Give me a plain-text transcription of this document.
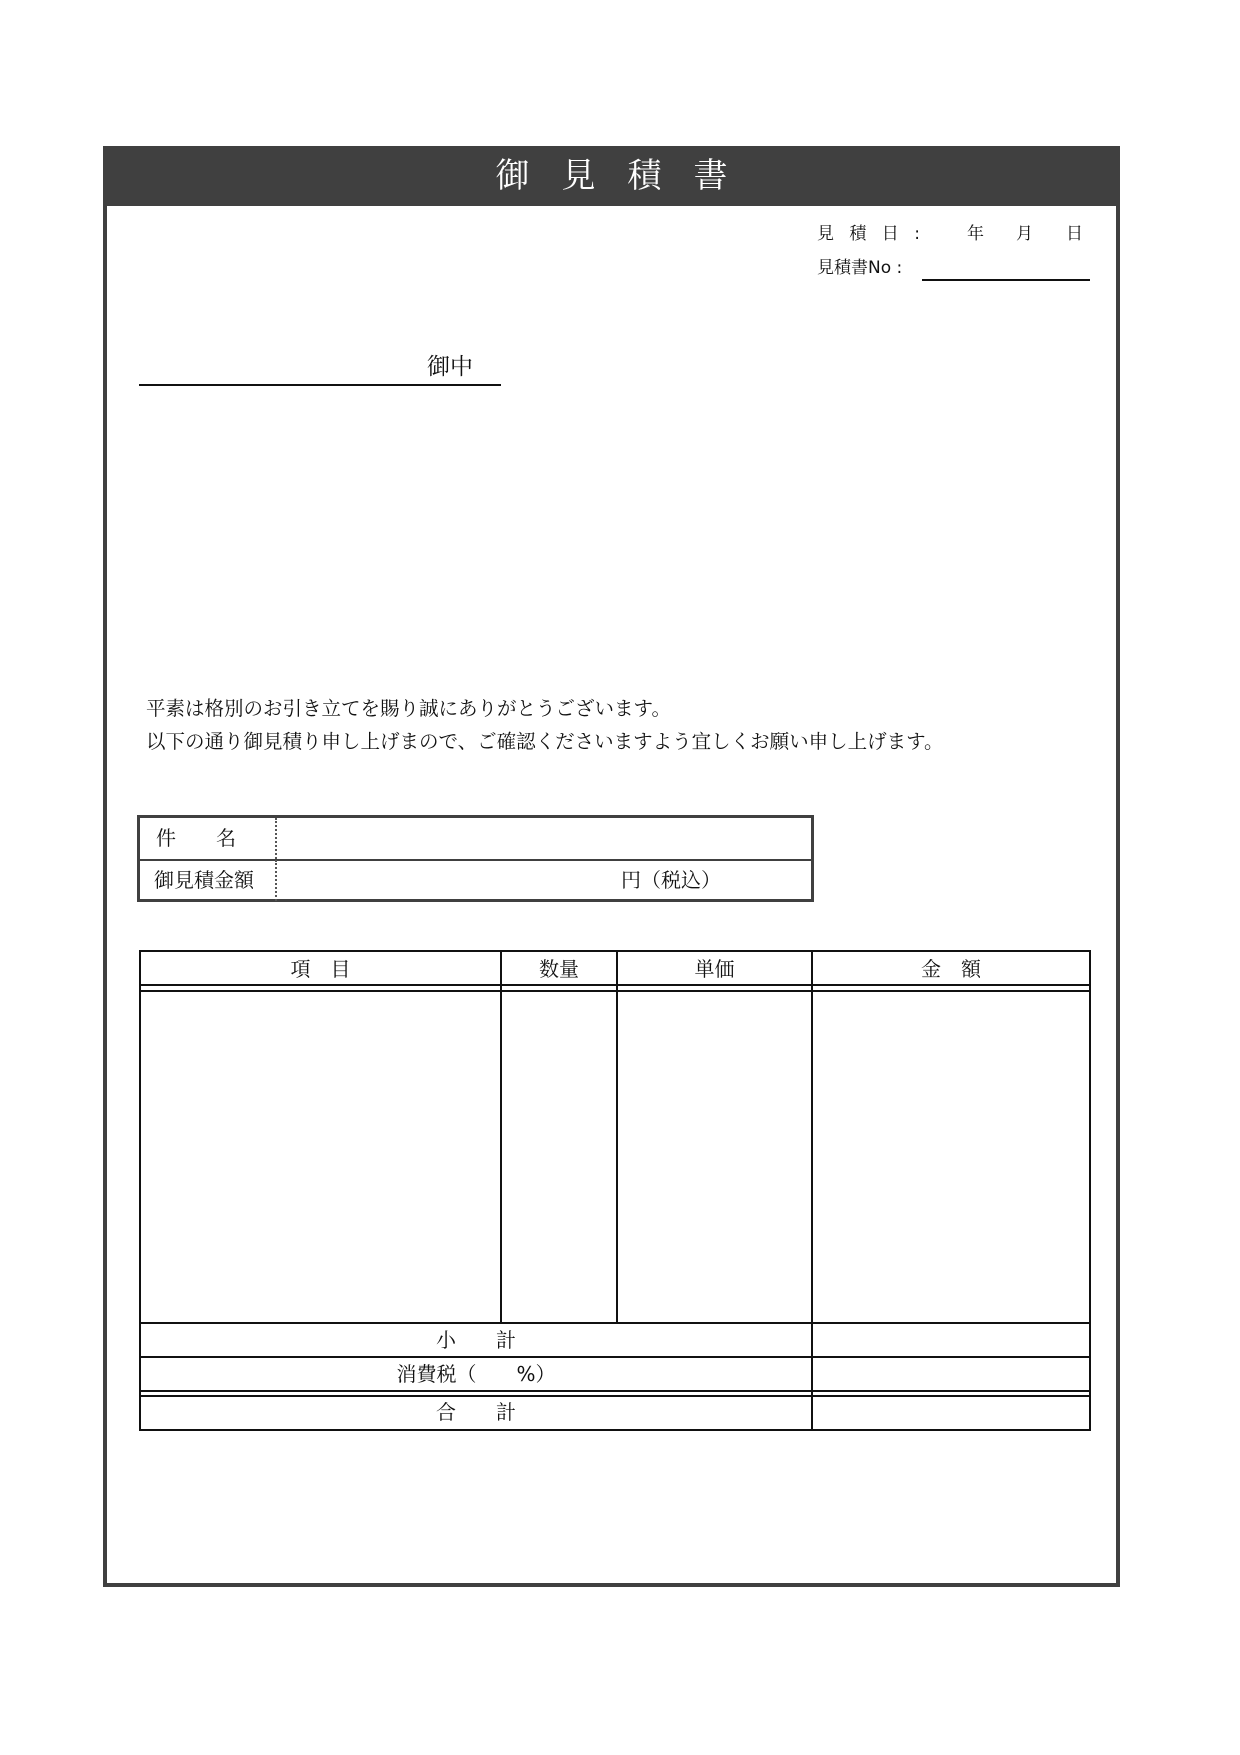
御見積書
見 積 日 : 年 月 日
見積書No :
御中
平素は格別のお引き立てを賜り誠にありがとうございます。
以下の通り御見積り申し上げまので、ご確認くださいますよう宜しくお願い申し上げます。
件名
御見積金額	円（税込）
項　目	数量	単価	金　額
小　　計
消費税（　　%）
合　　計
